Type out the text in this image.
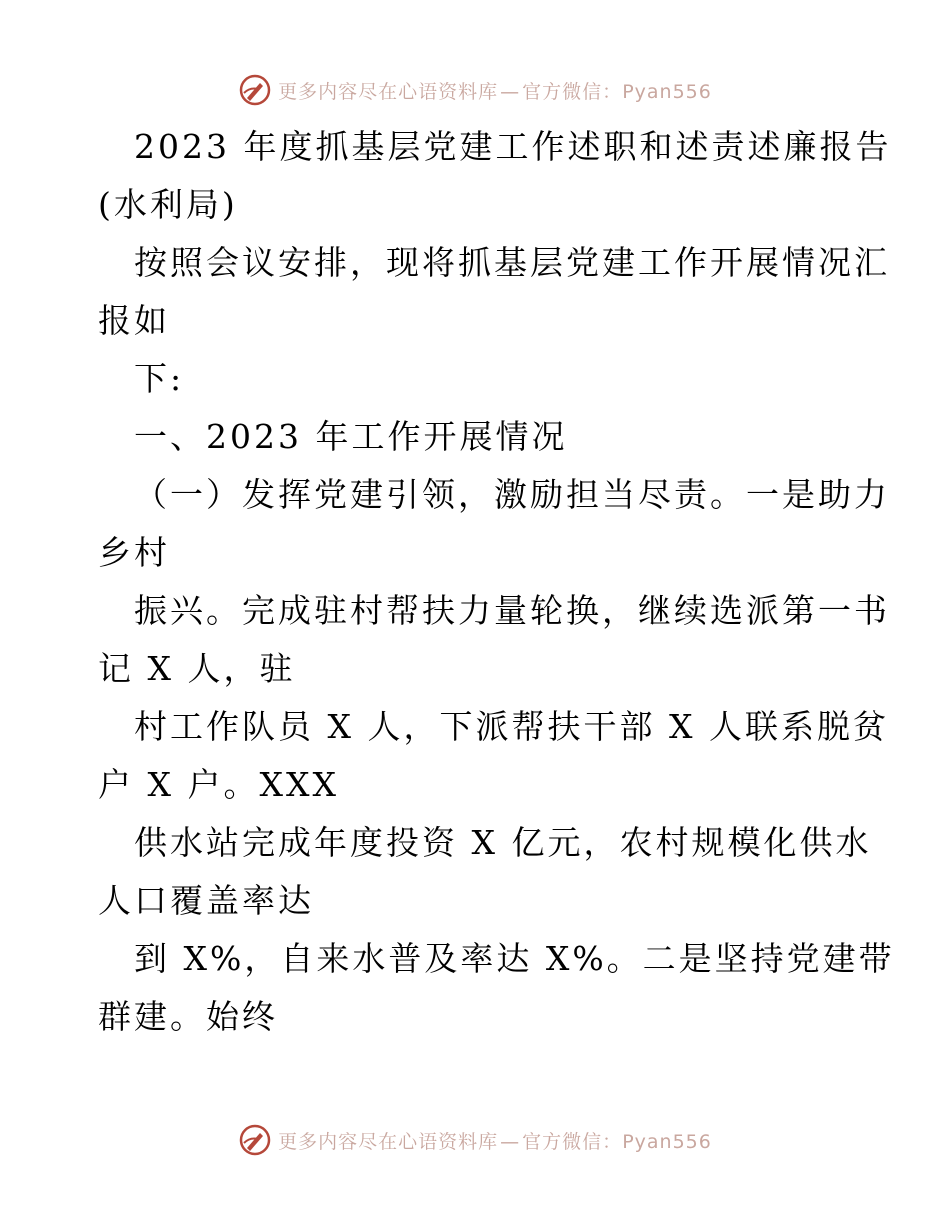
更多内容尽在心语资料库 — 官方微信：Pyan556
2023 年度抓基层党建工作述职和述责述廉报告
(水利局)
按照会议安排，现将抓基层党建工作开展情况汇
报如
下:
一、2023 年工作开展情况
（一）发挥党建引领，激励担当尽责。一是助力
乡村
振兴。完成驻村帮扶力量轮换，继续选派第一书
记 X 人，驻
村工作队员 X 人，下派帮扶干部 X 人联系脱贫
户 X 户。XXX
供水站完成年度投资 X 亿元，农村规模化供水
人口覆盖率达
到 X%，自来水普及率达 X%。二是坚持党建带
群建。始终
更多内容尽在心语资料库 — 官方微信：Pyan556
